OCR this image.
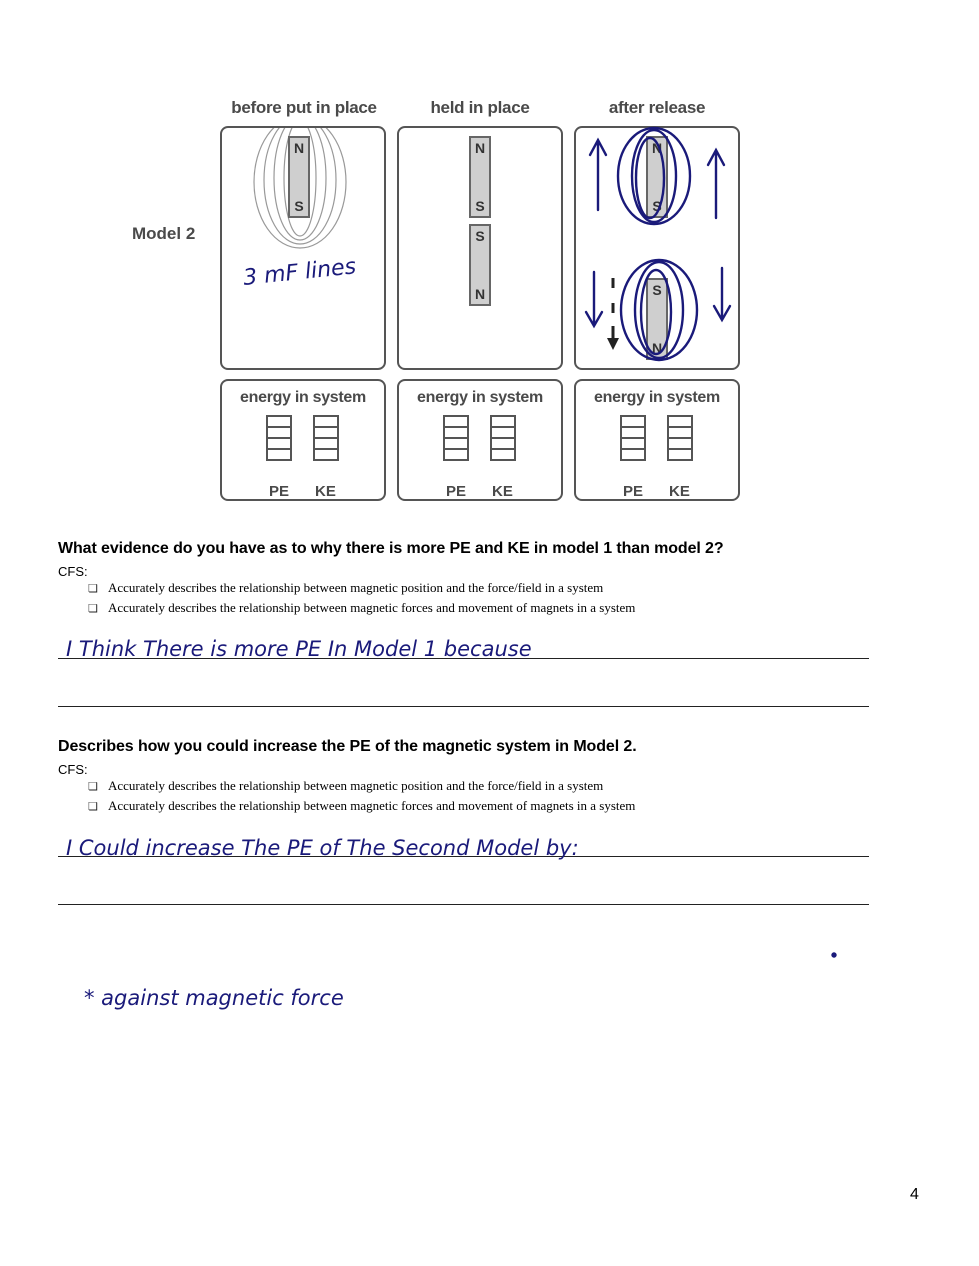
before put in place	held in place	after release
Model 2
N
S
N
S
S
N
N
S
S
N
energy in system
PE KE
energy in system
PE KE
energy in system
PE KE
What evidence do you have as to why there is more PE and KE in model 1 than model 2?
CFS:
❏ Accurately describes the relationship between magnetic position and the force/field in a system
❏ Accurately describes the relationship between magnetic forces and movement of magnets in a system
Describes how you could increase the PE of the magnetic system in Model 2.
CFS:
❏ Accurately describes the relationship between magnetic position and the force/field in a system
❏ Accurately describes the relationship between magnetic forces and movement of magnets in a system
3 mF lines
I Think There is more PE In Model 1 because
I Could increase The PE of The Second Model by:
* against magnetic force
4
